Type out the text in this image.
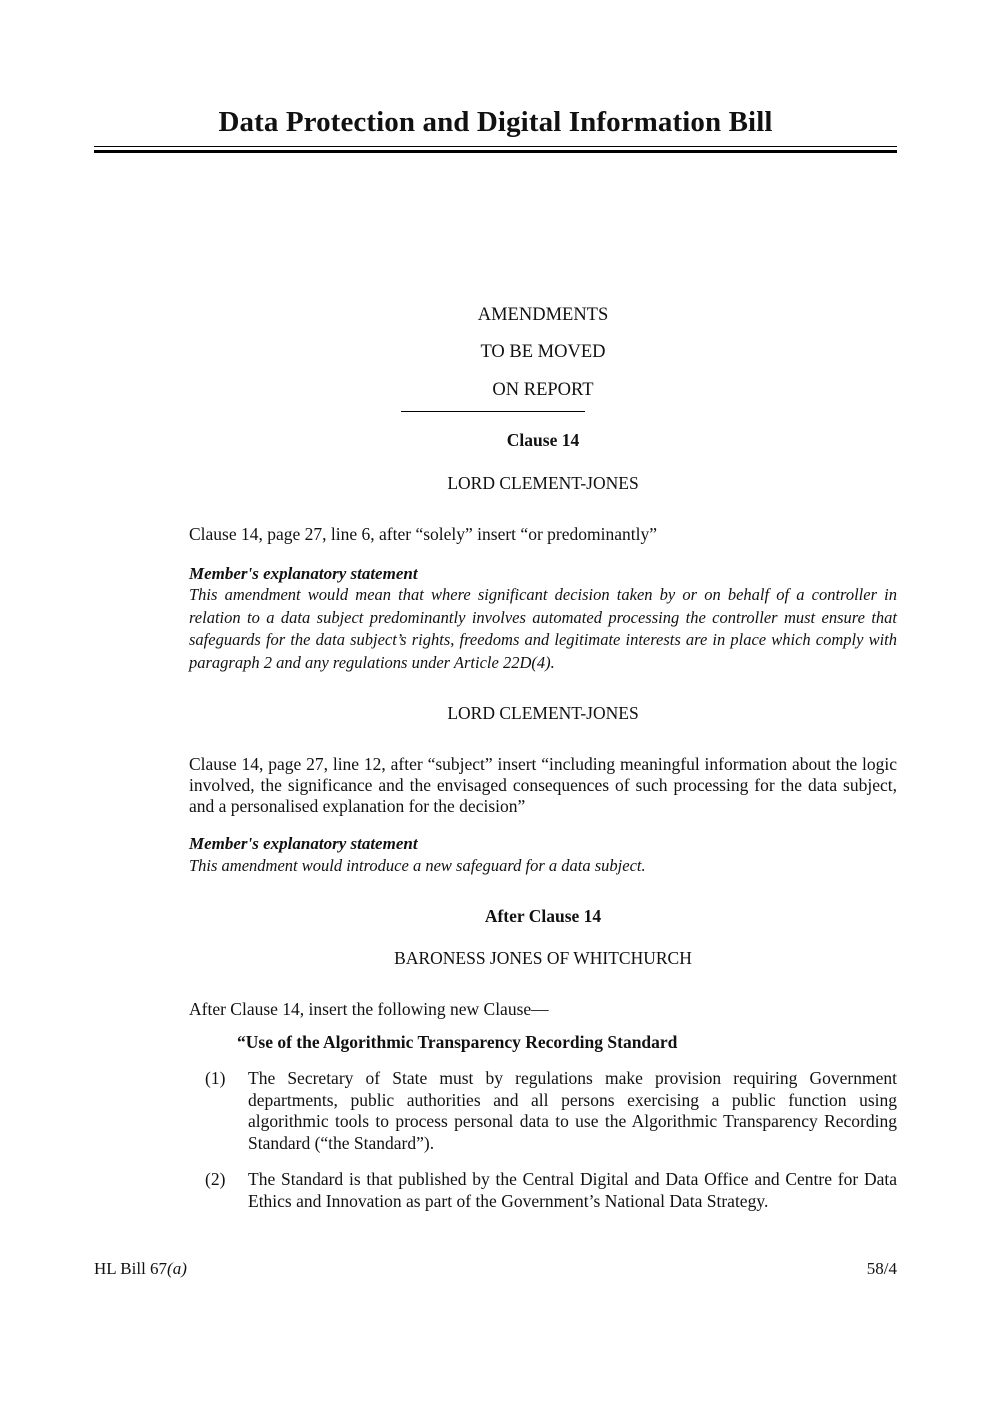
Data Protection and Digital Information Bill
AMENDMENTS
TO BE MOVED
ON REPORT
Clause 14
LORD CLEMENT-JONES
Clause 14, page 27, line 6, after “solely” insert “or predominantly”
Member's explanatory statement
This amendment would mean that where significant decision taken by or on behalf of a controller in relation to a data subject predominantly involves automated processing the controller must ensure that safeguards for the data subject’s rights, freedoms and legitimate interests are in place which comply with paragraph 2 and any regulations under Article 22D(4).
LORD CLEMENT-JONES
Clause 14, page 27, line 12, after “subject” insert “including meaningful information about the logic involved, the significance and the envisaged consequences of such processing for the data subject, and a personalised explanation for the decision”
Member's explanatory statement
This amendment would introduce a new safeguard for a data subject.
After Clause 14
BARONESS JONES OF WHITCHURCH
After Clause 14, insert the following new Clause—
“Use of the Algorithmic Transparency Recording Standard
(1) The Secretary of State must by regulations make provision requiring Government departments, public authorities and all persons exercising a public function using algorithmic tools to process personal data to use the Algorithmic Transparency Recording Standard (“the Standard”).
(2) The Standard is that published by the Central Digital and Data Office and Centre for Data Ethics and Innovation as part of the Government’s National Data Strategy.
HL Bill 67(a)	58/4
